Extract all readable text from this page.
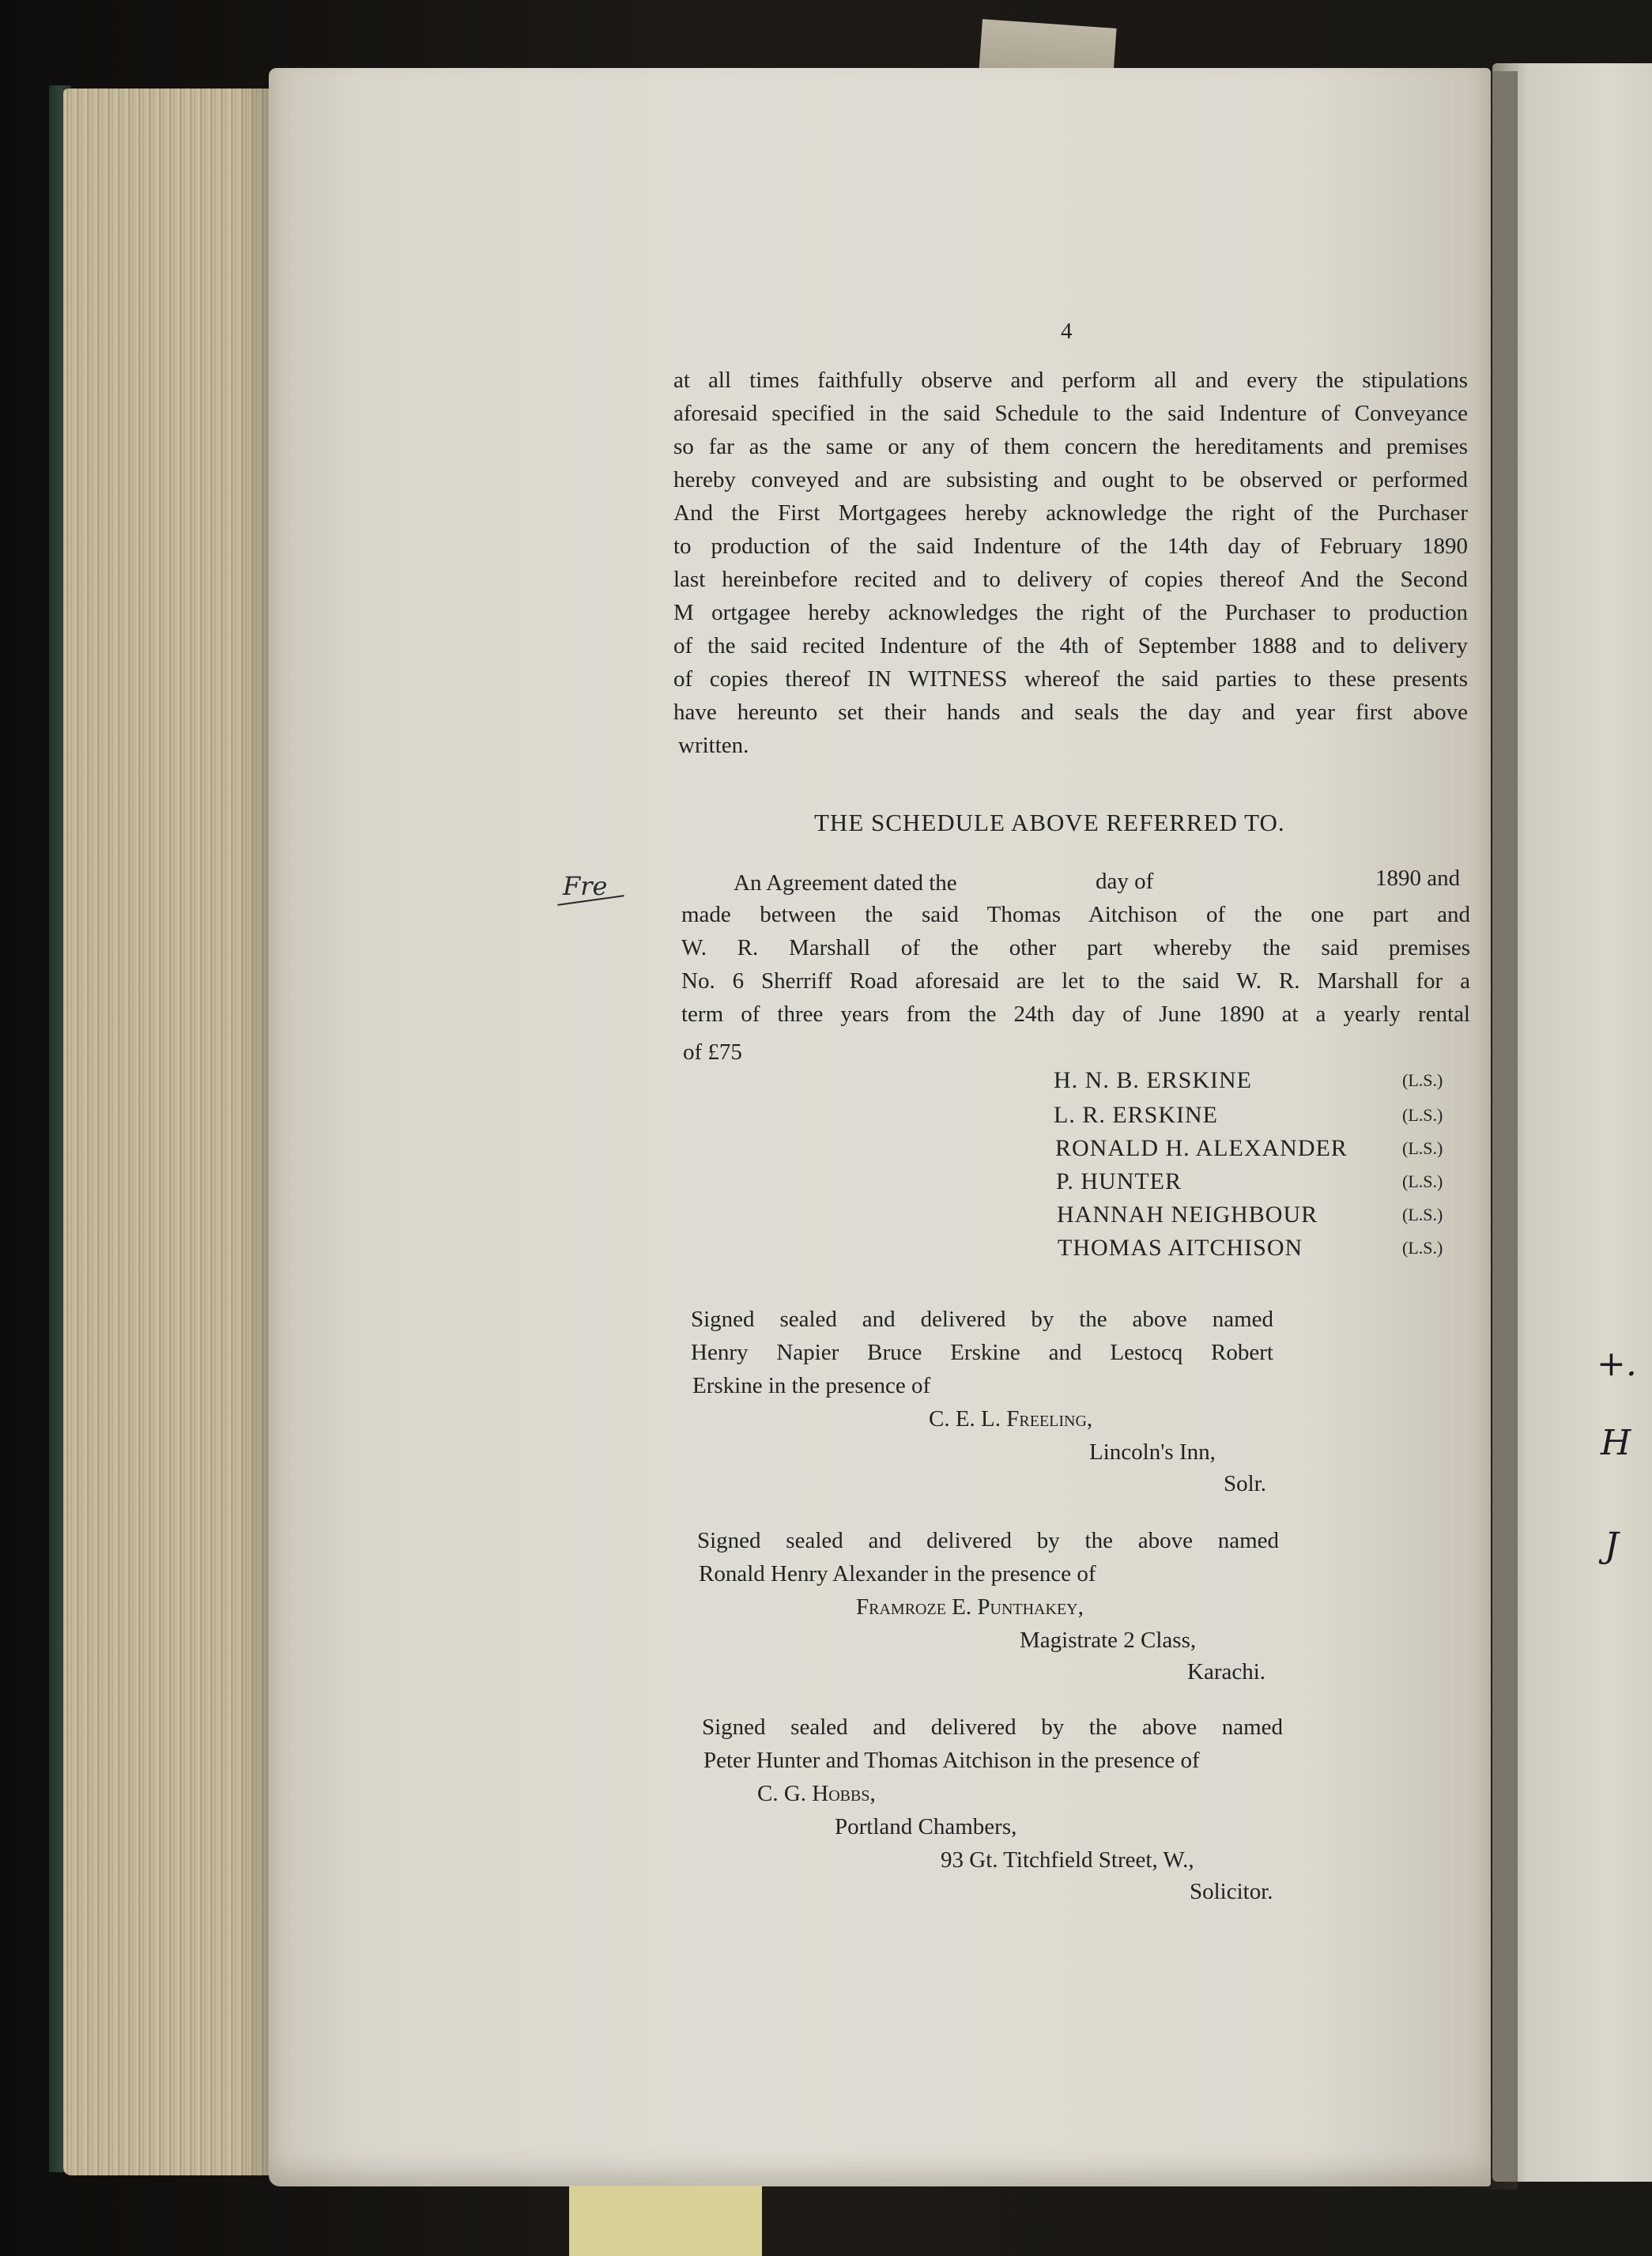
+.
H
J

4

at all times faithfully observe and perform all and every the stipulations

aforesaid specified in the said Schedule to the said Indenture of Conveyance

so far as the same or any of them concern the hereditaments and premises

hereby conveyed and are subsisting and ought to be observed or performed

And the First Mortgagees hereby acknowledge the right of the Purchaser

to production of the said Indenture of the 14th day of February 1890

last hereinbefore recited and to delivery of copies thereof And the Second

M ortgagee hereby acknowledges the right of the Purchaser to production

of the said recited Indenture of the 4th of September 1888 and to delivery

of copies thereof IN WITNESS whereof the said parties to these presents

have hereunto set their hands and seals the day and year first above

written.

THE SCHEDULE ABOVE REFERRED TO.

Fre	An Agreement dated the	day of	1890 and

made between the said Thomas Aitchison of the one part and

W. R. Marshall of the other part whereby the said premises

No. 6 Sherriff Road aforesaid are let to the said W. R. Marshall for a

term of three years from the 24th day of June 1890 at a yearly rental

of £75

H. N. B. ERSKINE	(L.S.)

L. R. ERSKINE	(L.S.)

RONALD H. ALEXANDER	(L.S.)

P. HUNTER	(L.S.)

HANNAH NEIGHBOUR	(L.S.)

THOMAS AITCHISON	(L.S.)

Signed sealed and delivered by the above named

Henry Napier Bruce Erskine and Lestocq Robert

Erskine in the presence of

C. E. L. Freeling,

Lincoln's Inn,

Solr.

Signed sealed and delivered by the above named

Ronald Henry Alexander in the presence of

Framroze E. Punthakey,

Magistrate 2 Class,

Karachi.

Signed sealed and delivered by the above named

Peter Hunter and Thomas Aitchison in the presence of

C. G. Hobbs,

Portland Chambers,

93 Gt. Titchfield Street, W.,

Solicitor.
